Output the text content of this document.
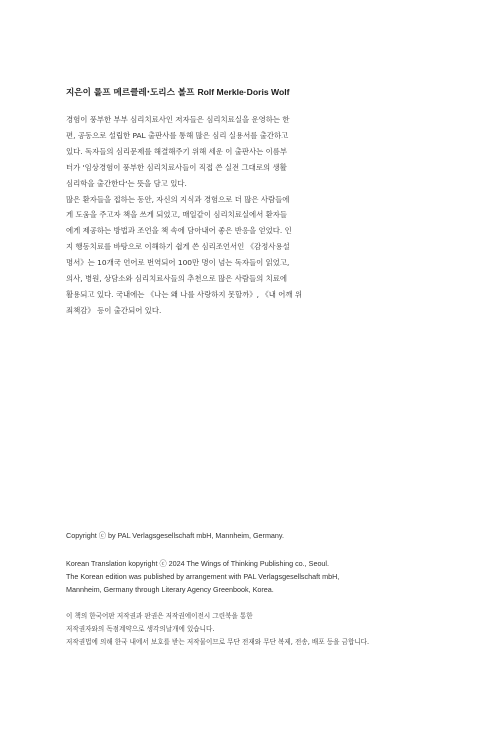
지은이 롤프 메르클레·도리스 볼프 Rolf Merkle·Doris Wolf

경험이 풍부한 부부 심리치료사인 저자들은 심리치료실을 운영하는 한
편, 공동으로 설립한 PAL 출판사를 통해 많은 심리 실용서를 출간하고
있다. 독자들의 심리문제를 해결해주기 위해 세운 이 출판사는 이름부
터가 '임상경험이 풍부한 심리치료사들이 직접 쓴 실전 그대로의 생활
심리학을 출간한다'는 뜻을 담고 있다.

많은 환자들을 접하는 동안, 자신의 지식과 경험으로 더 많은 사람들에
게 도움을 주고자 책을 쓰게 되었고, 매일같이 심리치료실에서 환자들
에게 제공하는 방법과 조언을 책 속에 담아내어 좋은 반응을 얻었다. 인
지 행동치료를 바탕으로 이해하기 쉽게 쓴 심리조언서인 《감정사용설
명서》는 10개국 언어로 번역되어 100만 명이 넘는 독자들이 읽었고,
의사, 병원, 상담소와 심리치료사들의 추천으로 많은 사람들의 치료에
활용되고 있다. 국내에는 《나는 왜 나를 사랑하지 못할까》, 《내 어깨 위
죄책감》 등이 출간되어 있다.

Copyright ⓒ by PAL Verlagsgesellschaft mbH, Mannheim, Germany.

Korean Translation kopyright ⓒ 2024 The Wings of Thinking Publishing co., Seoul.
The Korean edition was published by arrangement with PAL Verlagsgesellschaft mbH,
Mannheim, Germany through Literary Agency Greenbook, Korea.
이 책의 한국어판 저작권과 판권은 저작권에이전시 그린북을 통한
저작권자와의 독점계약으로 생각의날개에 있습니다.
저작권법에 의해 한국 내에서 보호를 받는 저작물이므로 무단 전재와 무단 복제, 전송, 배포 등을 금합니다.
